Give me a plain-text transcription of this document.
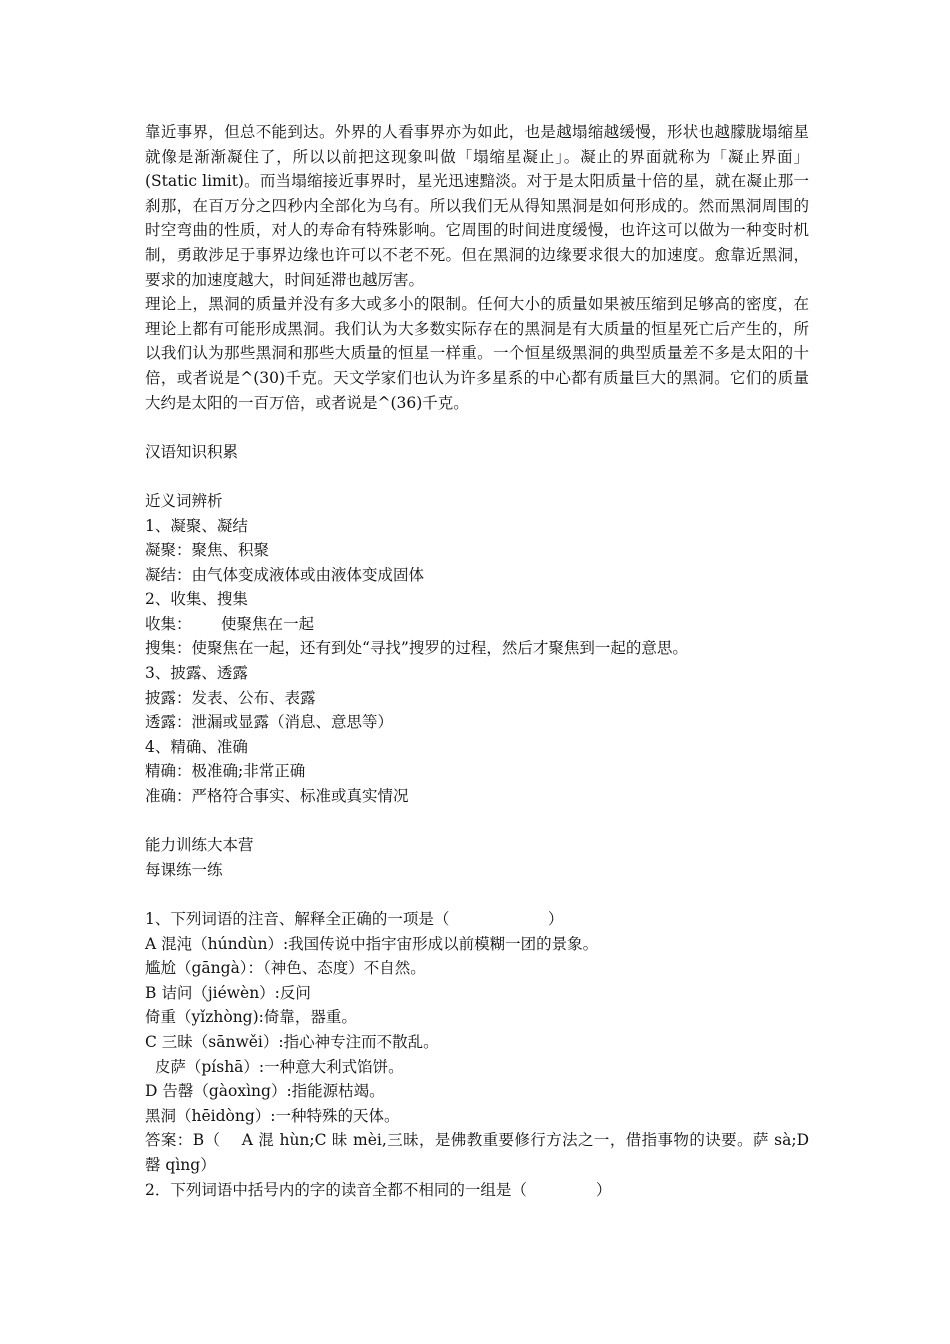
靠近事界，但总不能到达。外界的人看事界亦为如此，也是越塌缩越缓慢，形状也越朦胧塌缩星就像是渐渐凝住了，所以以前把这现象叫做「塌缩星凝止」。凝止的界面就称为「凝止界面」(Static limit)。而当塌缩接近事界时，星光迅速黯淡。对于是太阳质量十倍的星，就在凝止那一刹那，在百万分之四秒内全部化为乌有。所以我们无从得知黑洞是如何形成的。然而黑洞周围的时空弯曲的性质，对人的寿命有特殊影响。它周围的时间进度缓慢，也许这可以做为一种变时机制，勇敢涉足于事界边缘也许可以不老不死。但在黑洞的边缘要求很大的加速度。愈靠近黑洞，要求的加速度越大，时间延滞也越厉害。

理论上，黑洞的质量并没有多大或多小的限制。任何大小的质量如果被压缩到足够高的密度，在理论上都有可能形成黑洞。我们认为大多数实际存在的黑洞是有大质量的恒星死亡后产生的，所以我们认为那些黑洞和那些大质量的恒星一样重。一个恒星级黑洞的典型质量差不多是太阳的十倍，或者说是^(30)千克。天文学家们也认为许多星系的中心都有质量巨大的黑洞。它们的质量大约是太阳的一百万倍，或者说是^(36)千克。

汉语知识积累

近义词辨析

1、凝聚、凝结

凝聚：聚焦、积聚

凝结：由气体变成液体或由液体变成固体

2、收集、搜集

收集：      使聚焦在一起

搜集：使聚焦在一起，还有到处“寻找”搜罗的过程，然后才聚焦到一起的意思。

3、披露、透露

披露：发表、公布、表露

透露：泄漏或显露（消息、意思等）

4、精确、准确

精确：极准确;非常正确

准确：严格符合事实、标准或真实情况

能力训练大本营

每课练一练

1、下列词语的注音、解释全正确的一项是（                    ）

A 混沌（húndùn）:我国传说中指宇宙形成以前模糊一团的景象。

尴尬（gāngà）：（神色、态度）不自然。

B 诘问（jiéwèn）:反问

倚重（yǐzhòng):倚靠，器重。

C 三昧（sānwěi）:指心神专注而不散乱。

皮萨（píshā）:一种意大利式馅饼。

D 告罄（gàoxìng）:指能源枯竭。

黑洞（hēidòng）:一种特殊的天体。

答案：B（    A 混 hùn;C 昧 mèi,三昧，是佛教重要修行方法之一，借指事物的诀要。萨 sà;D 罄 qìng）

2．下列词语中括号内的字的读音全都不相同的一组是（              ）
